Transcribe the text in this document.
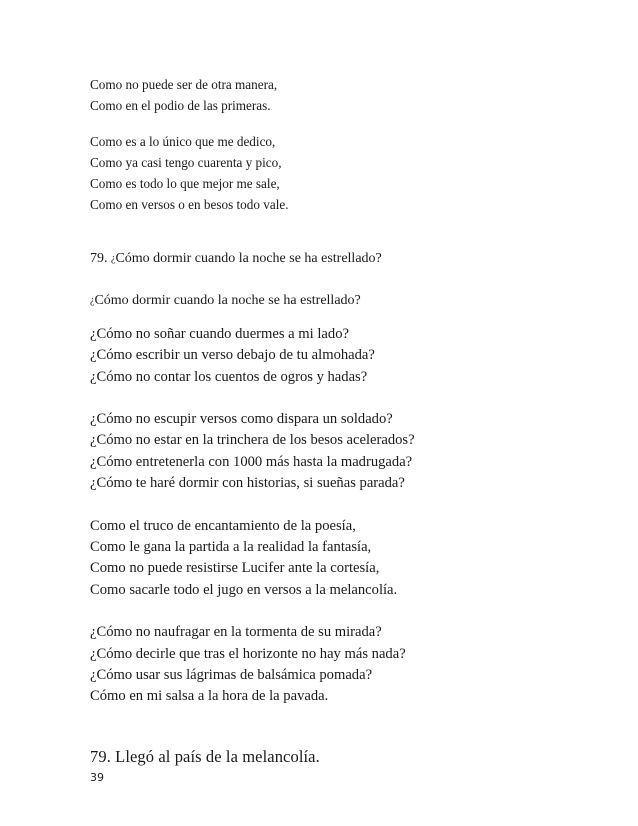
Como no puede ser de otra manera,
Como en el podio de las primeras.
Como es a lo único que me dedico,
Como ya casi tengo cuarenta y pico,
Como es todo lo que mejor me sale,
Como en versos o en besos todo vale.
79. ¿Cómo dormir cuando la noche se ha estrellado?
¿Cómo dormir cuando la noche se ha estrellado?
¿Cómo no soñar cuando duermes a mi lado?
¿Cómo escribir un verso debajo de tu almohada?
¿Cómo no contar los cuentos de ogros y hadas?
¿Cómo no escupir versos como dispara un soldado?
¿Cómo no estar en la trinchera de los besos acelerados?
¿Cómo entretenerla con 1000 más hasta la madrugada?
¿Cómo te haré dormir con historias, si sueñas parada?
Como el truco de encantamiento de la poesía,
Como le gana la partida a la realidad la fantasía,
Como no puede resistirse Lucifer ante la cortesía,
Como sacarle todo el jugo en versos a la melancolía.
¿Cómo no naufragar en la tormenta de su mirada?
¿Cómo decirle que tras el horizonte no hay más nada?
¿Cómo usar sus lágrimas de balsámica pomada?
Cómo en mi salsa a la hora de la pavada.
79. Llegó al país de la melancolía.
39
